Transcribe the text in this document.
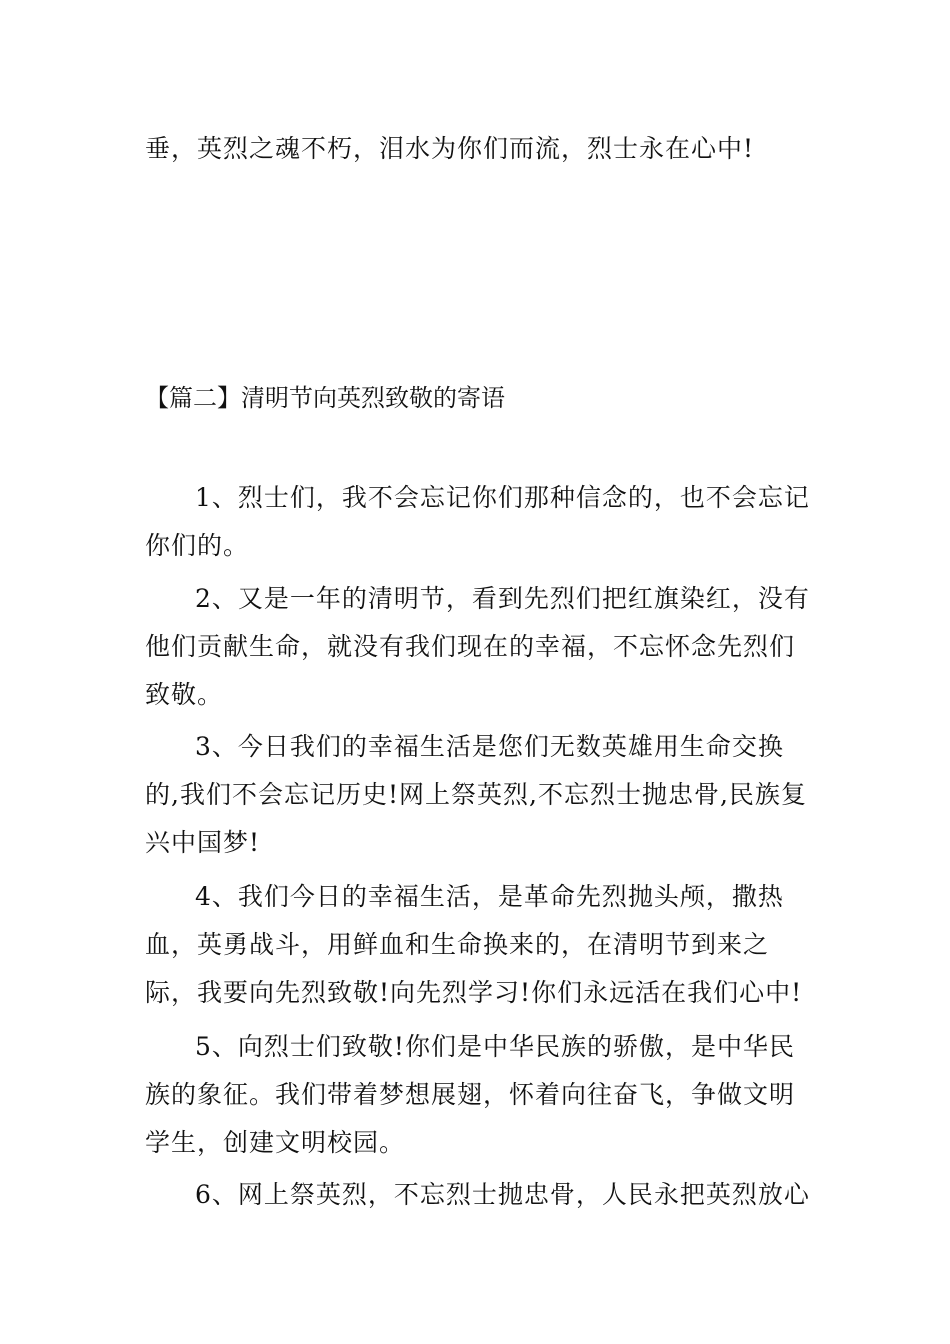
垂，英烈之魂不朽，泪水为你们而流，烈士永在心中!
【篇二】清明节向英烈致敬的寄语

1、烈士们，我不会忘记你们那种信念的，也不会忘记你们的。

2、又是一年的清明节，看到先烈们把红旗染红，没有他们贡献生命，就没有我们现在的幸福，不忘怀念先烈们致敬。

3、今日我们的幸福生活是您们无数英雄用生命交换的,我们不会忘记历史!网上祭英烈,不忘烈士抛忠骨,民族复兴中国梦!

4、我们今日的幸福生活，是革命先烈抛头颅，撒热血，英勇战斗，用鲜血和生命换来的，在清明节到来之际，我要向先烈致敬!向先烈学习!你们永远活在我们心中!

5、向烈士们致敬!你们是中华民族的骄傲，是中华民族的象征。我们带着梦想展翅，怀着向往奋飞，争做文明学生，创建文明校园。

6、网上祭英烈，不忘烈士抛忠骨，人民永把英烈放心
